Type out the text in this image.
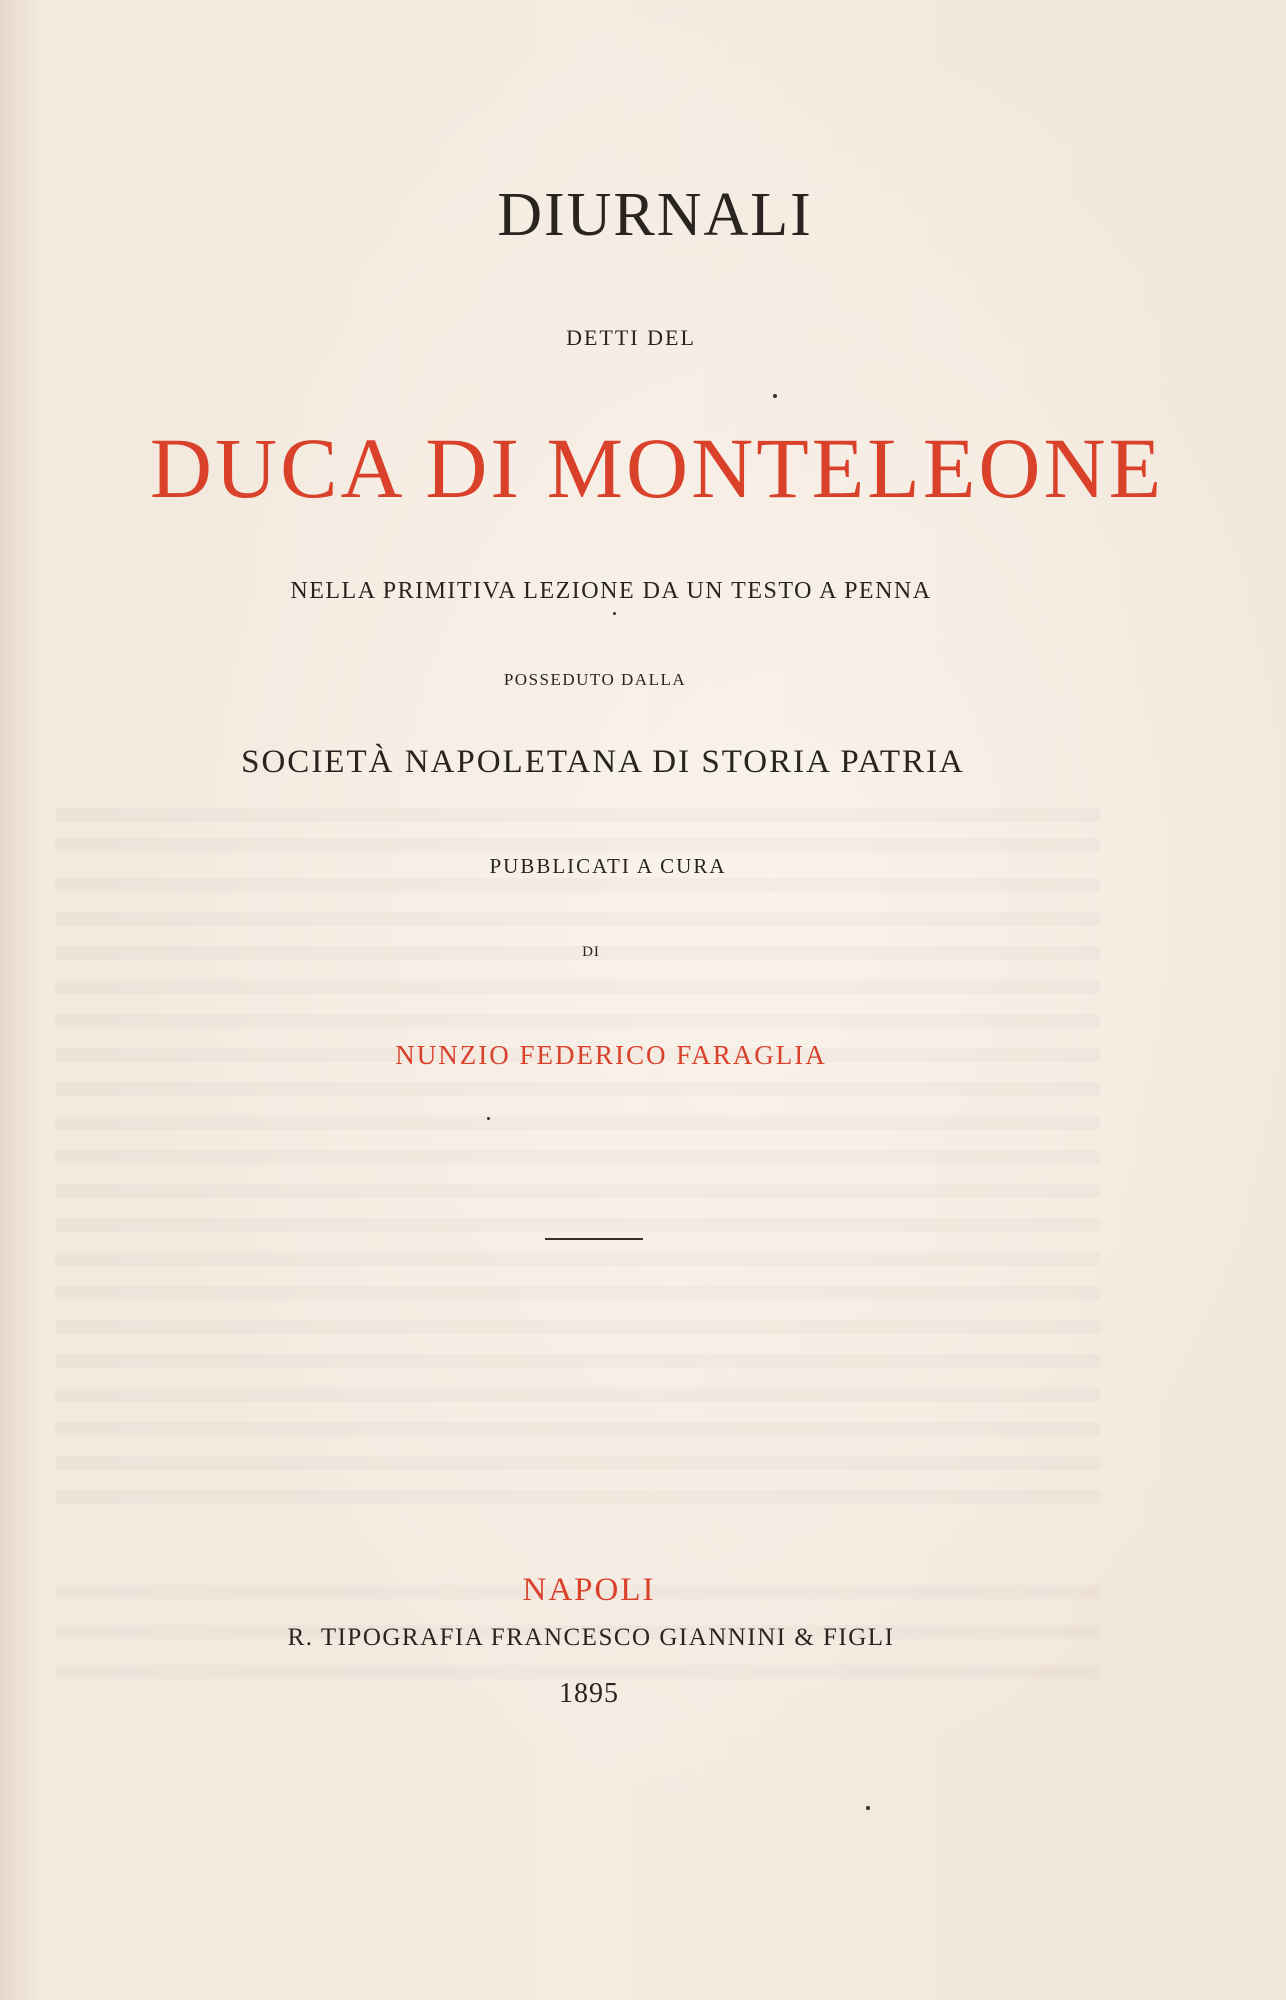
DIURNALI

DETTI DEL

DUCA DI MONTELEONE

NELLA PRIMITIVA LEZIONE DA UN TESTO A PENNA

POSSEDUTO DALLA

SOCIETÀ NAPOLETANA DI STORIA PATRIA

PUBBLICATI A CURA

DI

NUNZIO FEDERICO FARAGLIA

NAPOLI

R. TIPOGRAFIA FRANCESCO GIANNINI & FIGLI

1895
